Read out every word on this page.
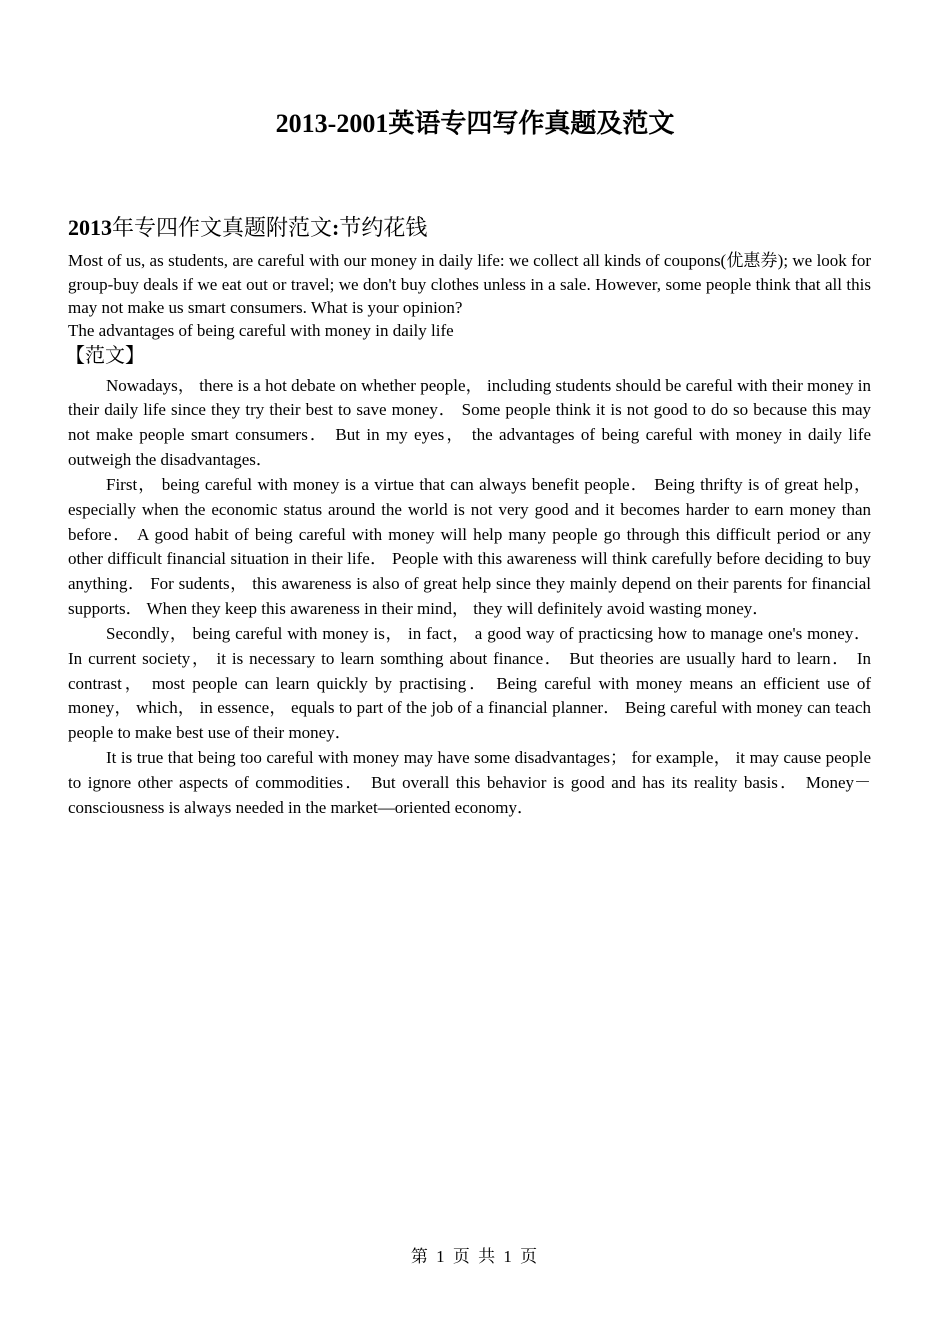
2013-2001英语专四写作真题及范文
2013年专四作文真题附范文:节约花钱

Most of us, as students, are careful with our money in daily life: we collect all kinds of coupons(优惠券); we look for group-buy deals if we eat out or travel; we don't buy clothes unless in a sale. However, some people think that all this may not make us smart consumers. What is your opinion?

The advantages of being careful with money in daily life

【范文】

Nowadays， there is a hot debate on whether people， including students should be careful with their money in their daily life since they try their best to save money． Some people think it is not good to do so because this may not make people smart consumers． But in my eyes， the advantages of being careful with money in daily life outweigh the disadvantages．

First， being careful with money is a virtue that can always benefit people． Being thrifty is of great help， especially when the economic status around the world is not very good and it becomes harder to earn money than before． A good habit of being careful with money will help many people go through this difficult period or any other difficult financial situation in their life． People with this awareness will think carefully before deciding to buy anything． For sudents， this awareness is also of great help since they mainly depend on their parents for financial supports． When they keep this awareness in their mind， they will definitely avoid wasting money．

Secondly， being careful with money is， in fact， a good way of practicsing how to manage one's money． In current society， it is necessary to learn somthing about finance． But theories are usually hard to learn． In contrast， most people can learn quickly by practising． Being careful with money means an efficient use of money， which， in essence， equals to part of the job of a financial planner． Being careful with money can teach people to make best use of their money．

It is true that being too careful with money may have some disadvantages； for example， it may cause people to ignore other aspects of commodities． But overall this behavior is good and has its reality basis． Money－consciousness is always needed in the market—oriented economy．

第 1 页 共 1 页
